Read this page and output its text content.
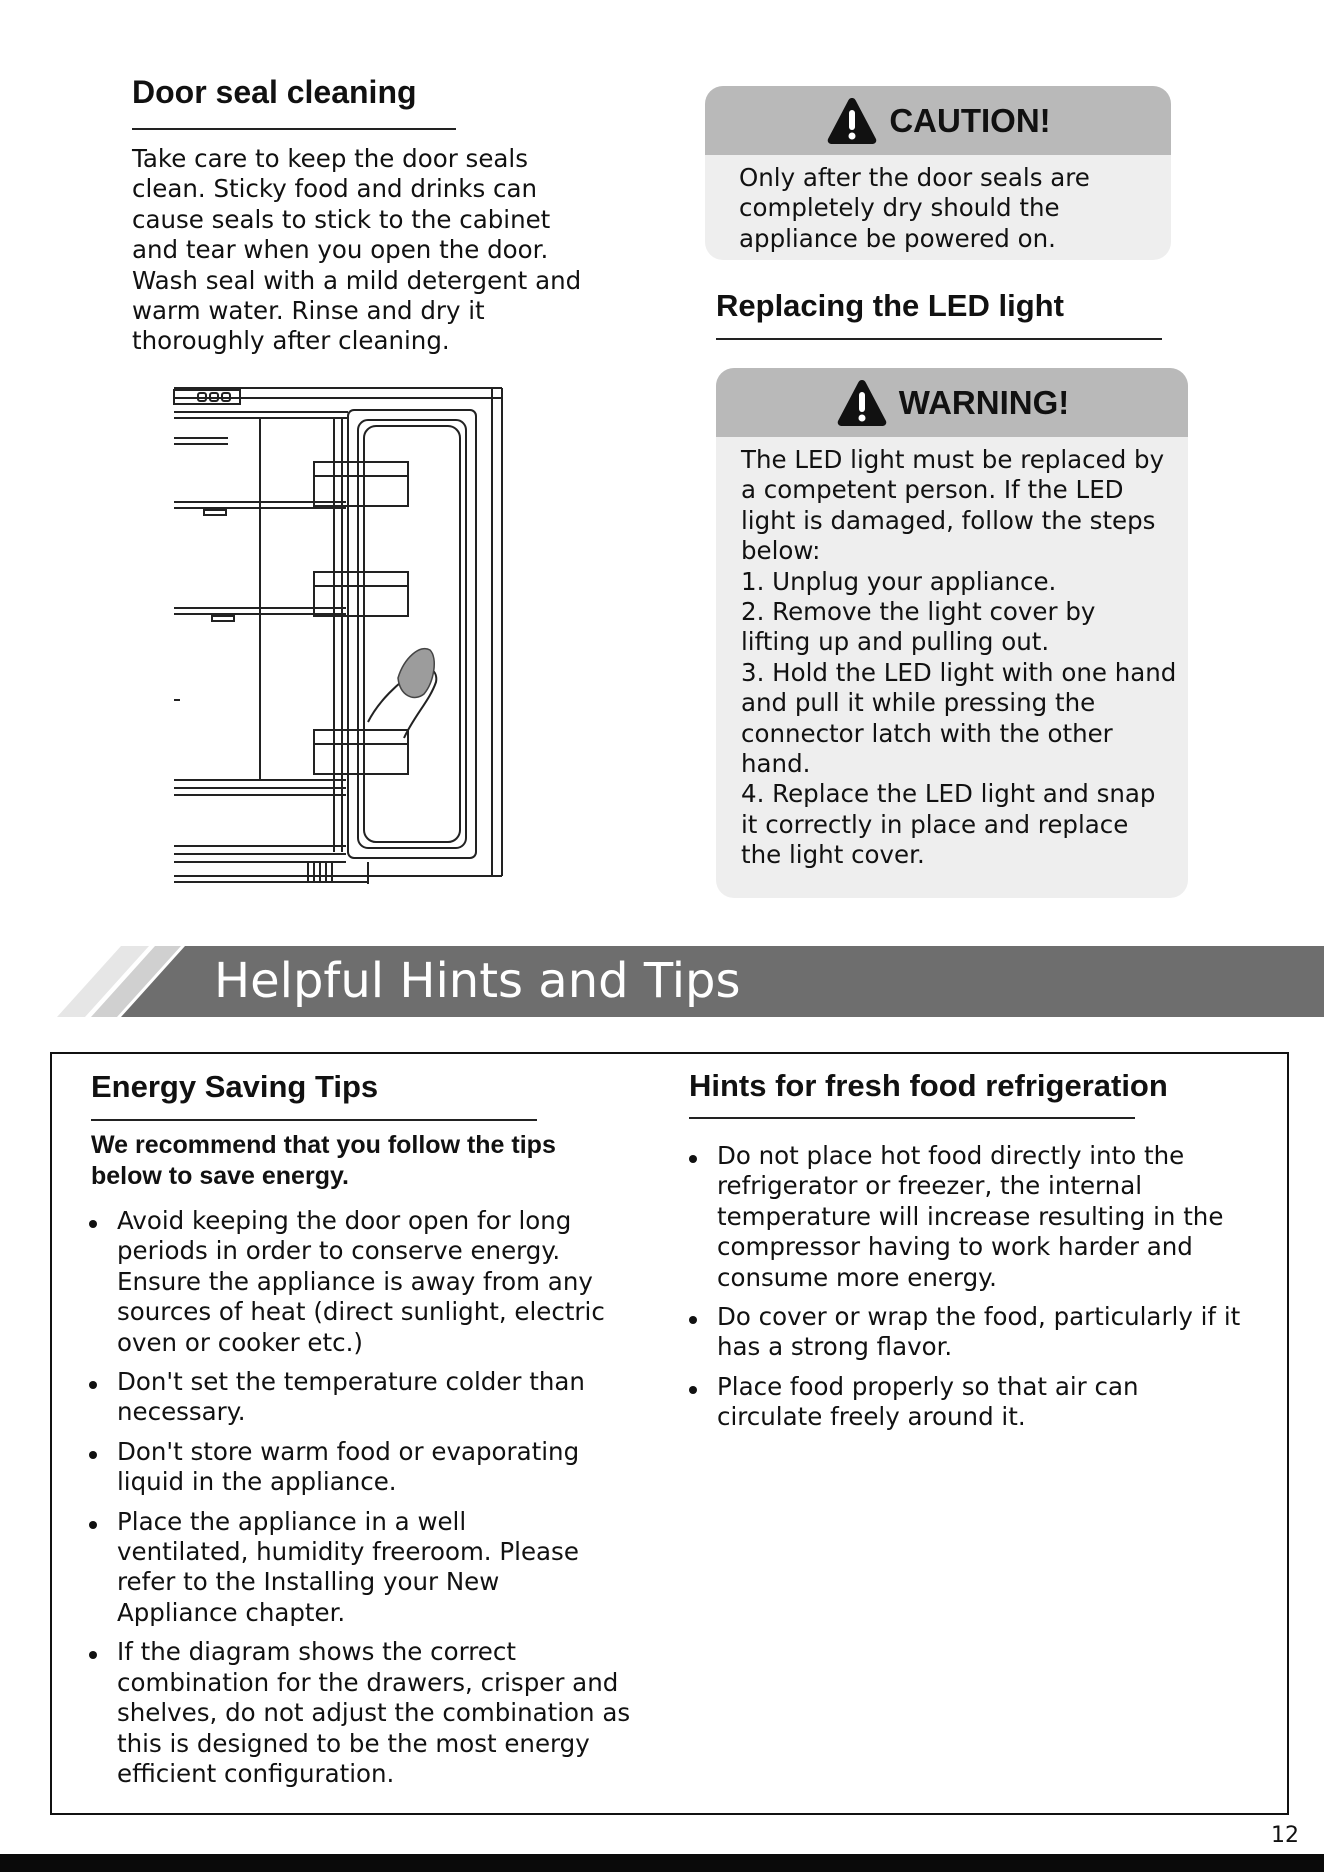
Door seal cleaning

Take care to keep the door seals
clean. Sticky food and drinks can
cause seals to stick to the cabinet
and tear when you open the door.
Wash seal with a mild detergent and
warm water. Rinse and dry it
thoroughly after cleaning.

CAUTION!

Only after the door seals are
completely dry should the
appliance be powered on.

Replacing the LED light
WARNING!

The LED light must be replaced by
a competent person. If the LED
light is damaged, follow the steps
below:
1. Unplug your appliance.
2. Remove the light cover by
lifting up and pulling out.
3. Hold the LED light with one hand
and pull it while pressing the
connector latch with the other
hand.
4. Replace the LED light and snap
it correctly in place and replace
the light cover.

Helpful Hints and Tips
Energy Saving Tips

We recommend that you follow the tips
below to save energy.

Avoid keeping the door open for long
periods in order to conserve energy.
Ensure the appliance is away from any
sources of heat (direct sunlight, electric
oven or cooker etc.)
Don't set the temperature colder than
necessary.
Don't store warm food or evaporating
liquid in the appliance.
Place the appliance in a well
ventilated, humidity freeroom. Please
refer to the Installing your New
Appliance chapter.
If the diagram shows the correct
combination for the drawers, crisper and
shelves, do not adjust the combination as
this is designed to be the most energy
efficient configuration.
Hints for fresh food refrigeration
Do not place hot food directly into the
refrigerator or freezer, the internal
temperature will increase resulting in the
compressor having to work harder and
consume more energy.
Do cover or wrap the food, particularly if it
has a strong flavor.
Place food properly so that air can
circulate freely around it.
12
